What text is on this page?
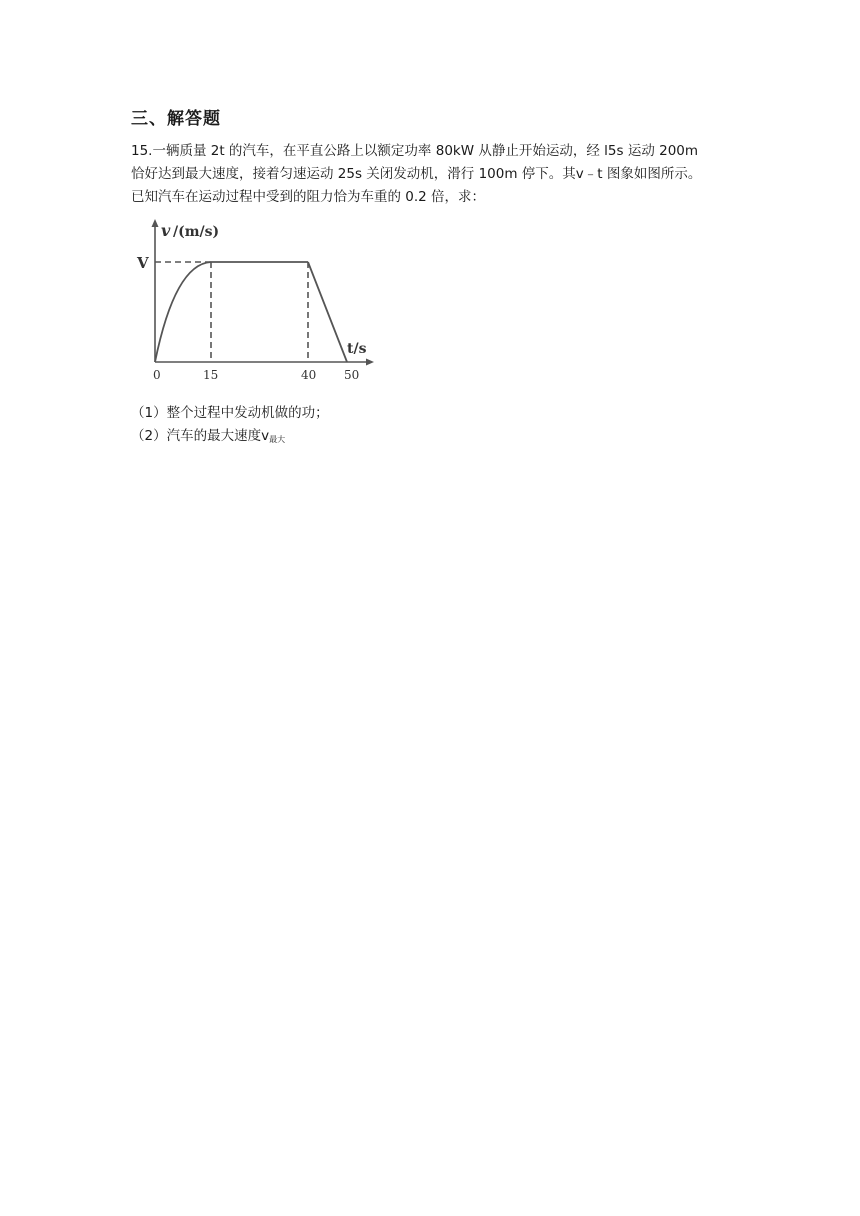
三、解答题
15.一辆质量 2t 的汽车，在平直公路上以额定功率 80kW 从静止开始运动，经 l5s 运动 200m
恰好达到最大速度，接着匀速运动 25s 关闭发动机，滑行 100m 停下。其v﹣t 图象如图所示。
已知汽车在运动过程中受到的阻力恰为车重的 0.2 倍，求：
v /(m/s)
V
t/s
0	15	40 50
（1）整个过程中发动机做的功；
（2）汽车的最大速度$v_{最大}$
